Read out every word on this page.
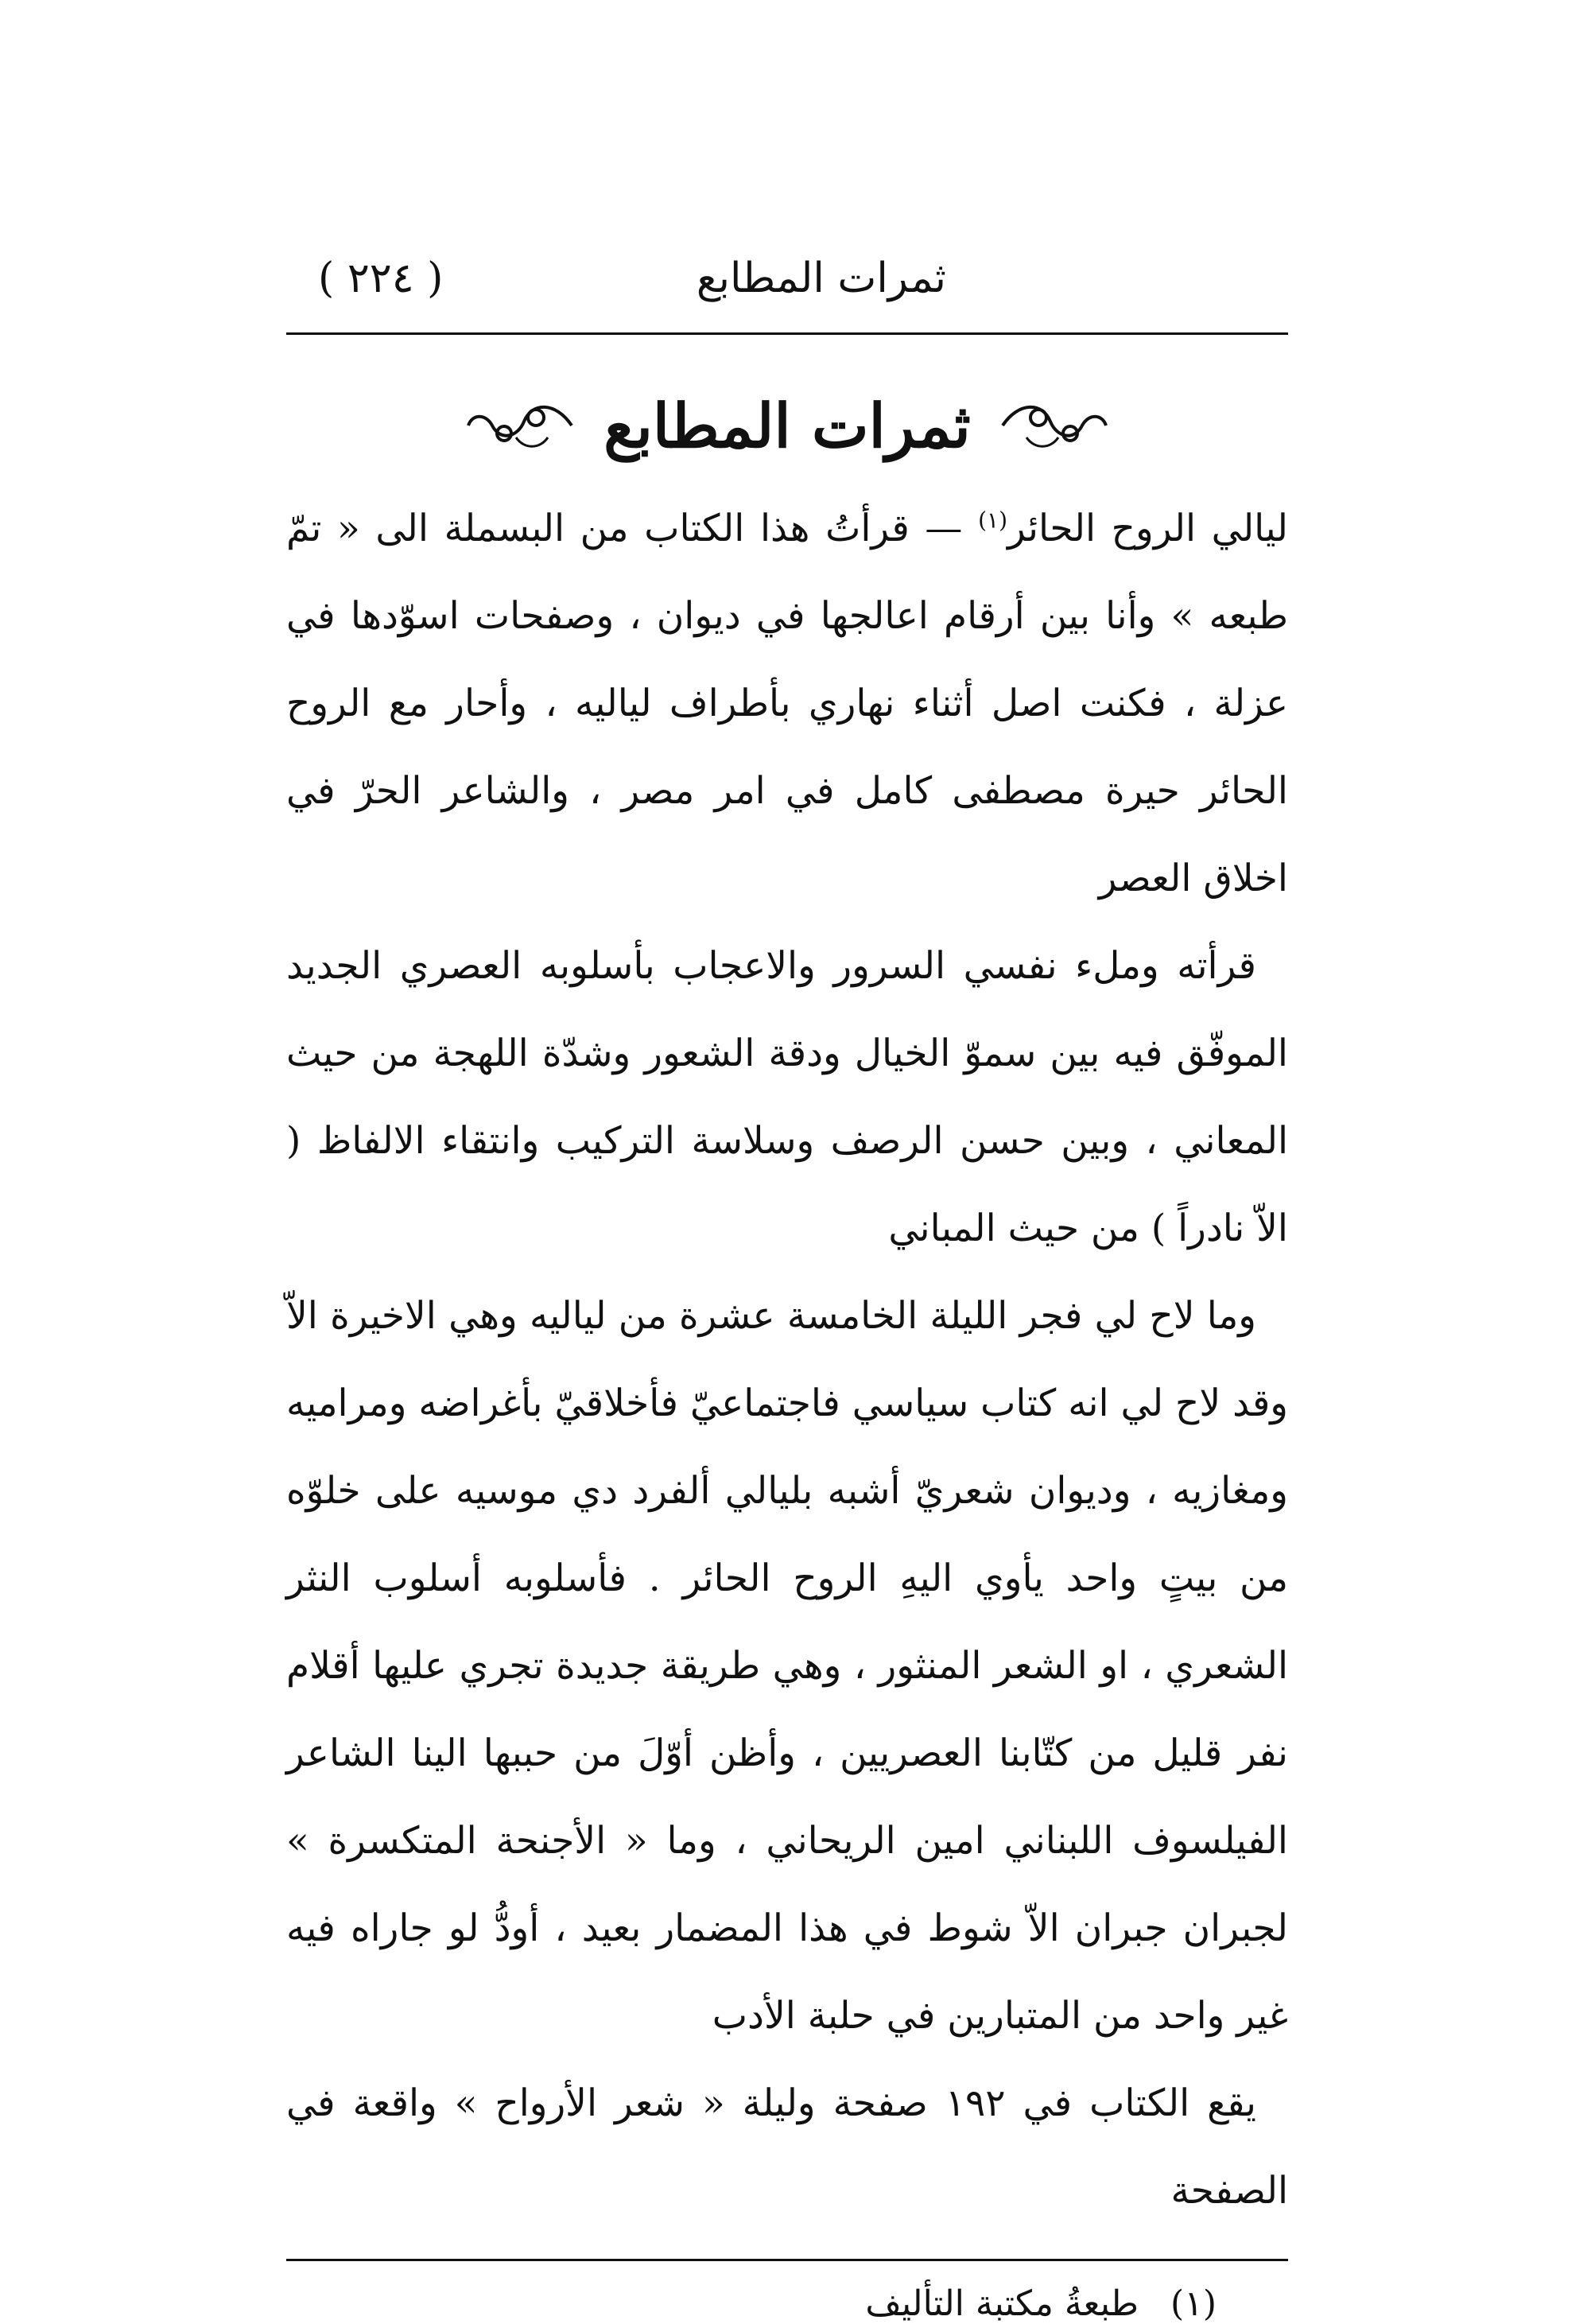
( ٢٢٤ )	ثمرات المطابع
ثمرات المطابع

ليالي الروح الحائر$^{(١)}$ — قرأتُ هذا الكتاب من البسملة الى « تمّ طبعه » وأنا بين أرقام اعالجها في ديوان ، وصفحات اسوّدها في عزلة ، فكنت اصل أثناء نهاري بأطراف لياليه ، وأحار مع الروح الحائر حيرة مصطفى كامل في امر مصر ، والشاعر الحرّ في اخلاق العصر

قرأته وملء نفسي السرور والاعجاب بأسلوبه العصري الجديد الموفّق فيه بين سموّ الخيال ودقة الشعور وشدّة اللهجة من حيث المعاني ، وبين حسن الرصف وسلاسة التركيب وانتقاء الالفاظ ( الاّ نادراً ) من حيث المباني

وما لاح لي فجر الليلة الخامسة عشرة من لياليه وهي الاخيرة الاّ وقد لاح لي انه كتاب سياسي فاجتماعيّ فأخلاقيّ بأغراضه ومراميه ومغازيه ، وديوان شعريّ أشبه بليالي ألفرد دي موسيه على خلوّه من بيتٍ واحد يأوي اليهِ الروح الحائر . فأسلوبه أسلوب النثر الشعري ، او الشعر المنثور ، وهي طريقة جديدة تجري عليها أقلام نفر قليل من كتّابنا العصريين ، وأظن أوّلَ من حببها الينا الشاعر الفيلسوف اللبناني امين الريحاني ، وما « الأجنحة المتكسرة » لجبران جبران الاّ شوط في هذا المضمار بعيد ، أودُّ لو جاراه فيه غير واحد من المتبارين في حلبة الأدب

يقع الكتاب في ١٩٢ صفحة وليلة « شعر الأرواح » واقعة في الصفحة

(١)طبعةُ مكتبة التأليف
